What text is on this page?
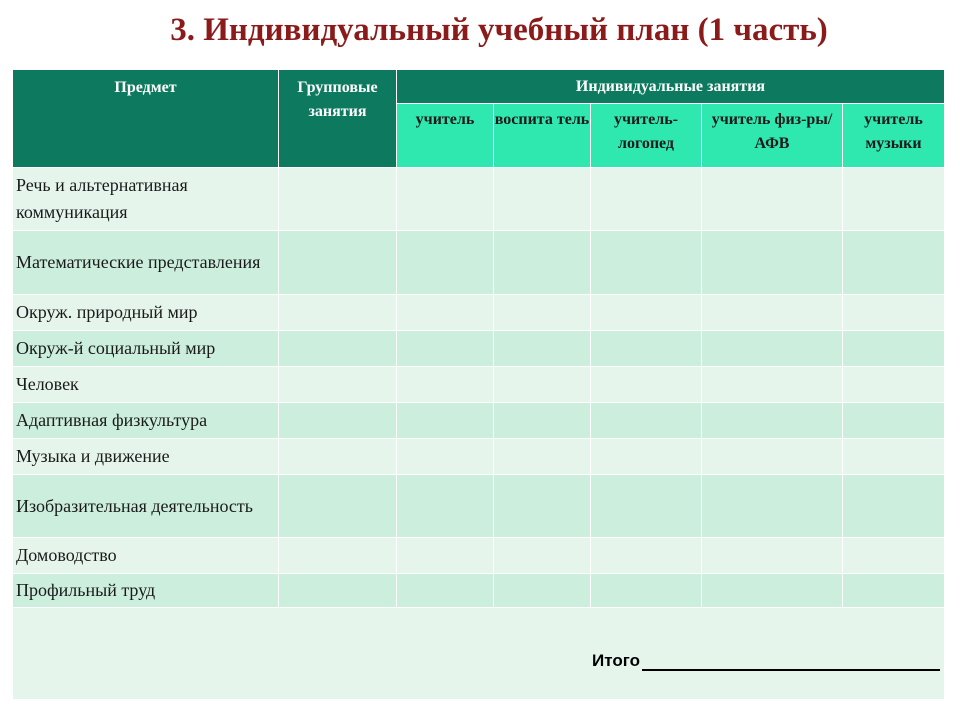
3. Индивидуальный учебный план (1 часть)
Предмет	Групповые занятия	Индивидуальные занятия				
		учитель	воспита тель	учитель-логопед	учитель физ-ры/АФВ	учитель музыки
Речь и альтернативная коммуникация						
Математические представления						
Окруж. природный мир						
Окруж-й социальный мир						
Человек						
Адаптивная физкультура						
Музыка и движение						
Изобразительная деятельность						
Домоводство						
Профильный труд						

Итого						
